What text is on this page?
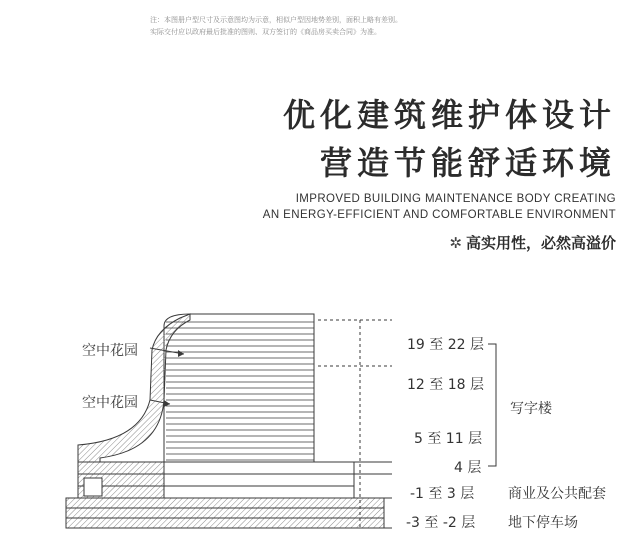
注：本图册户型尺寸及示意图均为示意，相似户型因地势差别，面积上略有差别。
实际交付应以政府最后批准的图则、双方签订的《商品房买卖合同》为准。
优化建筑维护体设计
营造节能舒适环境
IMPROVED BUILDING MAINTENANCE BODY CREATING
AN ENERGY-EFFICIENT AND COMFORTABLE ENVIRONMENT
✲ 高实用性，必然高溢价
空中花园
空中花园
19 至 22 层
12 至 18 层
5 至 11 层
4 层
-1 至 3 层
-3 至 -2 层
写字楼
商业及公共配套
地下停车场
